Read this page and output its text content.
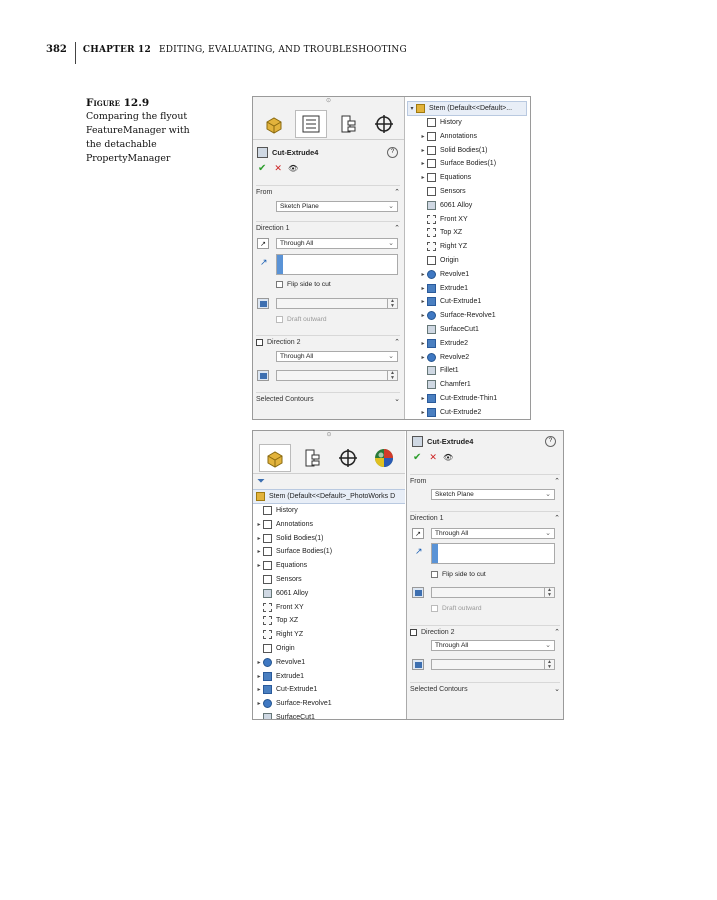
382 CHAPTER 12 EDITING, EVALUATING, AND TROUBLESHOOTING
Figure 12.9
Comparing the flyout FeatureManager with the detachable PropertyManager
⊙
Cut-Extrude4	?
✔ ✕ 👁
From	⌃
Sketch Plane	⌄
Direction 1	⌃
↗ Through All	⌄
↗
Flip side to cut
▲
▼
Draft outward
Direction 2	⌃
Through All	⌄
▲
▼
Selected Contours	⌄
▾	Stem (Default<<Default>...
History
▸	Annotations
▸	Solid Bodies(1)
▸	Surface Bodies(1)
▸	Equations
Sensors
6061 Alloy
Front XY
Top XZ
Right YZ
Origin
▸	Revolve1
▸	Extrude1
▸	Cut-Extrude1
▸	Surface-Revolve1
SurfaceCut1
▸	Extrude2
▸	Revolve2
Fillet1
Chamfer1
▸	Cut-Extrude-Thin1
▸	Cut-Extrude2
⊙
⏷
Stem (Default<<Default>_PhotoWorks D
History
▸	Annotations
▸	Solid Bodies(1)
▸	Surface Bodies(1)
▸	Equations
Sensors
6061 Alloy
Front XY
Top XZ
Right YZ
Origin
▸	Revolve1
▸	Extrude1
▸	Cut-Extrude1
▸	Surface-Revolve1
SurfaceCut1
Cut-Extrude4	?
✔ ✕ 👁
From	⌃
Sketch Plane	⌄
Direction 1	⌃
↗ Through All	⌄
↗
Flip side to cut
▲
▼
Draft outward
Direction 2	⌃
Through All	⌄
▲
▼
Selected Contours	⌄
